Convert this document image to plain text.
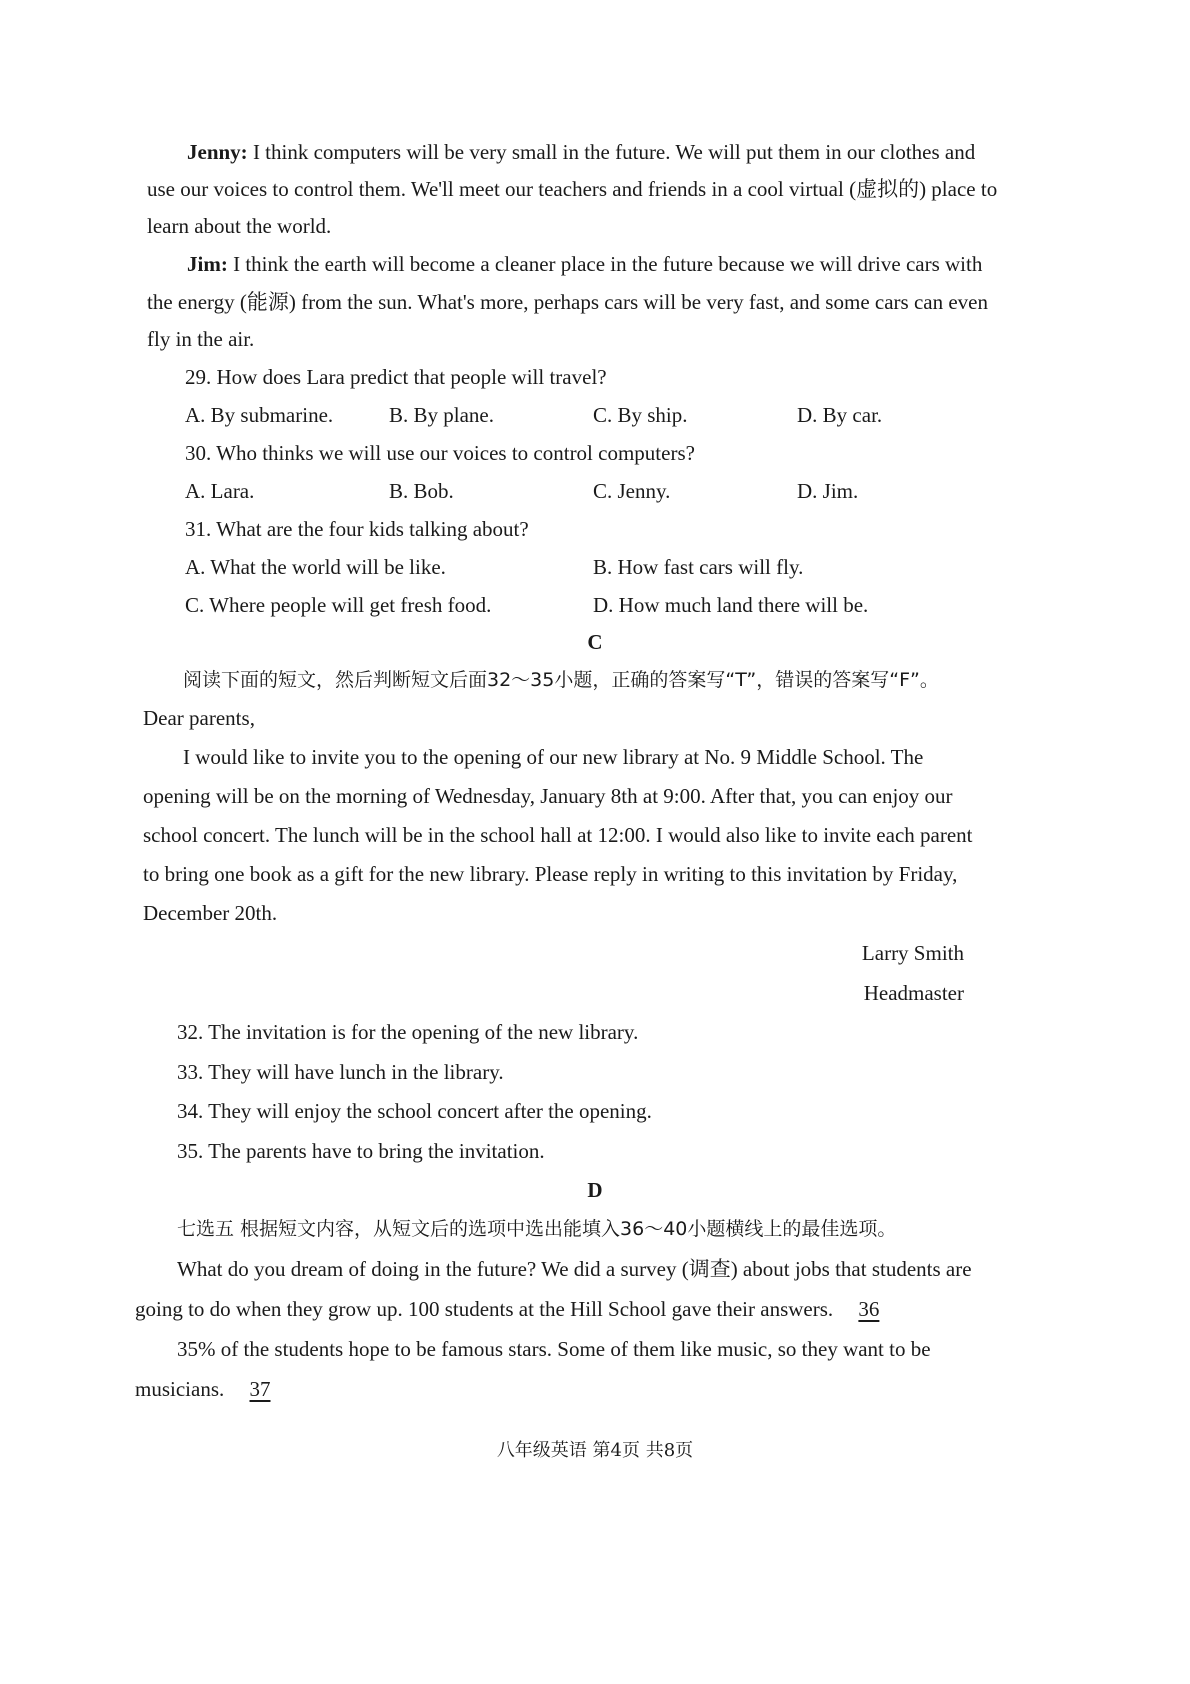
Jenny: I think computers will be very small in the future. We will put them in our clothes and
use our voices to control them. We'll meet our teachers and friends in a cool virtual (虚拟的) place to
learn about the world.
Jim: I think the earth will become a cleaner place in the future because we will drive cars with
the energy (能源) from the sun. What's more, perhaps cars will be very fast, and some cars can even
fly in the air.
29. How does Lara predict that people will travel?
A. By submarine.	B. By plane.	C. By ship.	D. By car.
30. Who thinks we will use our voices to control computers?
A. Lara.	B. Bob.	C. Jenny.	D. Jim.
31. What are the four kids talking about?
A. What the world will be like.	B. How fast cars will fly.
C. Where people will get fresh food.	D. How much land there will be.
C
阅读下面的短文，然后判断短文后面32～35小题，正确的答案写“T”，错误的答案写“F”。
Dear parents,
I would like to invite you to the opening of our new library at No. 9 Middle School. The
opening will be on the morning of Wednesday, January 8th at 9:00. After that, you can enjoy our
school concert. The lunch will be in the school hall at 12:00. I would also like to invite each parent
to bring one book as a gift for the new library. Please reply in writing to this invitation by Friday,
December 20th.
Larry Smith
Headmaster
32. The invitation is for the opening of the new library.
33. They will have lunch in the library.
34. They will enjoy the school concert after the opening.
35. The parents have to bring the invitation.
D
七选五 根据短文内容，从短文后的选项中选出能填入36～40小题横线上的最佳选项。
What do you dream of doing in the future? We did a survey (调查) about jobs that students are
going to do when they grow up. 100 students at the Hill School gave their answers. 36
35% of the students hope to be famous stars. Some of them like music, so they want to be
musicians. 37
八年级英语 第4页 共8页
